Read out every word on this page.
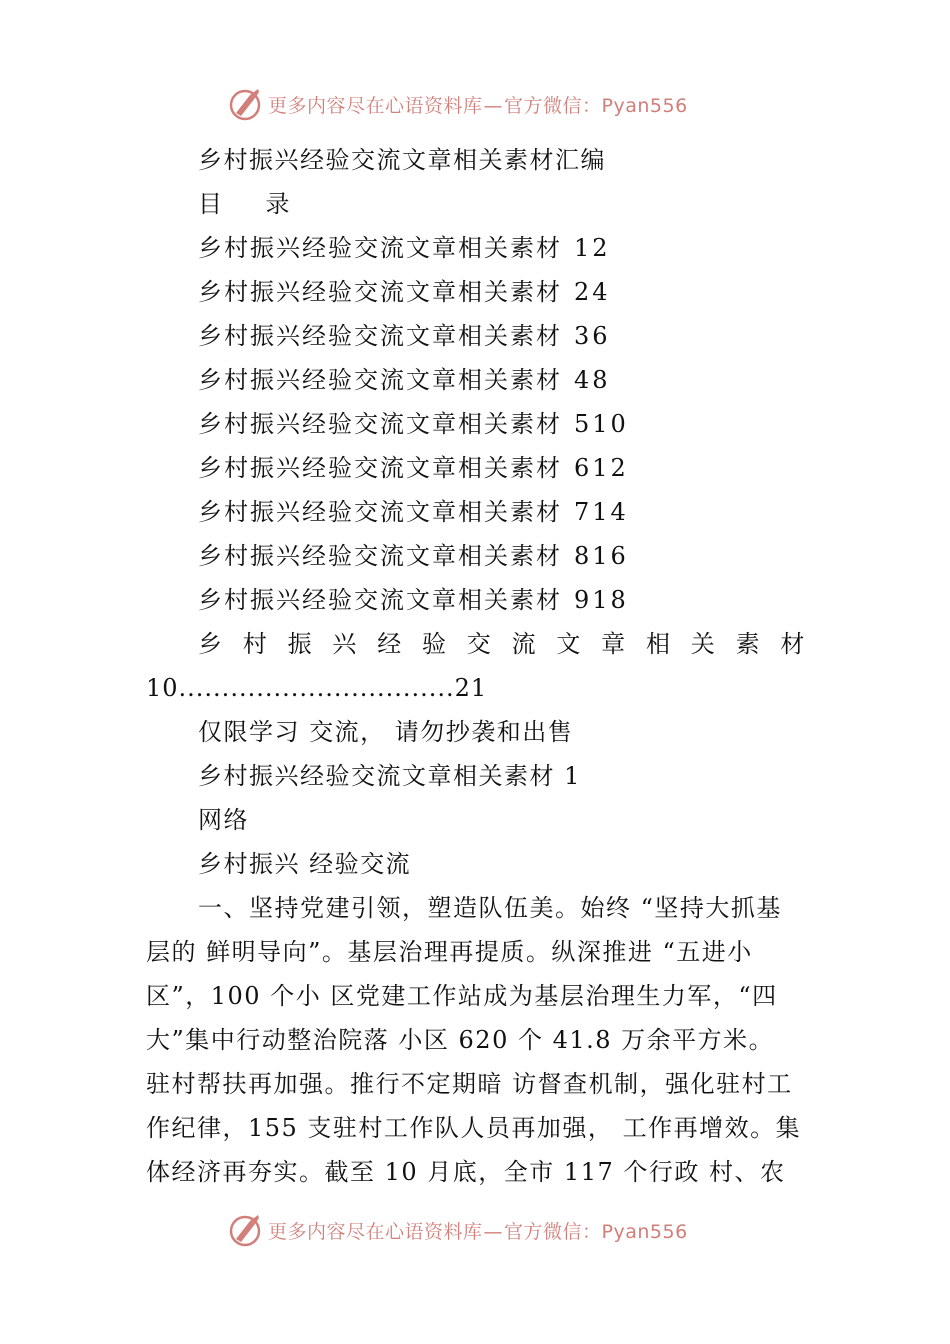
更多内容尽在心语资料库—官方微信：Pyan556
乡村振兴经验交流文章相关素材汇编
目 录
乡村振兴经验交流文章相关素材 12
乡村振兴经验交流文章相关素材 24
乡村振兴经验交流文章相关素材 36
乡村振兴经验交流文章相关素材 48
乡村振兴经验交流文章相关素材 510
乡村振兴经验交流文章相关素材 612
乡村振兴经验交流文章相关素材 714
乡村振兴经验交流文章相关素材 816
乡村振兴经验交流文章相关素材 918
乡 村 振 兴 经 验 交 流 文 章 相 关 素 材
10................................21
仅限学习 交流， 请勿抄袭和出售
乡村振兴经验交流文章相关素材 1
网络
乡村振兴 经验交流
一、坚持党建引领，塑造队伍美。始终 “坚持大抓基
层的 鲜明导向”。基层治理再提质。纵深推进 “五进小
区”，100 个小 区党建工作站成为基层治理生力军，“四
大”集中行动整治院落 小区 620 个 41.8 万余平方米。
驻村帮扶再加强。推行不定期暗 访督查机制，强化驻村工
作纪律，155 支驻村工作队人员再加强， 工作再增效。集
体经济再夯实。截至 10 月底，全市 117 个行政 村、农
更多内容尽在心语资料库—官方微信：Pyan556
